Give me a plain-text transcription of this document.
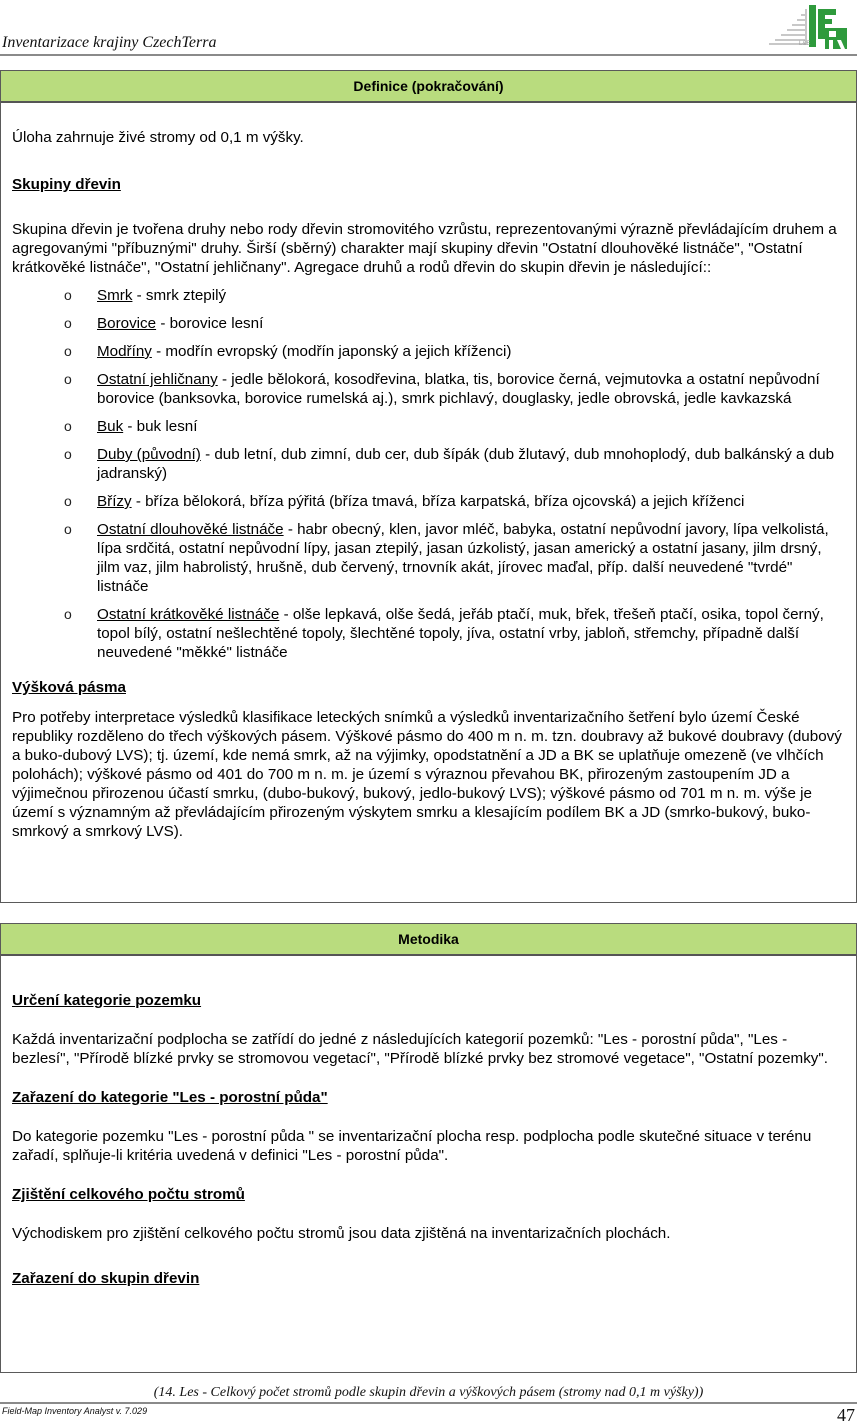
Inventarizace krajiny CzechTerra	L&E
Definice (pokračování)

Úloha zahrnuje živé stromy od 0,1 m výšky.

Skupiny dřevin

Skupina dřevin je tvořena druhy nebo rody dřevin stromovitého vzrůstu, reprezentovanými výrazně převládajícím druhem a agregovanými "příbuznými" druhy. Širší (sběrný) charakter mají skupiny dřevin "Ostatní dlouhověké listnáče", "Ostatní krátkověké listnáče", "Ostatní jehličnany". Agregace druhů a rodů dřevin do skupin dřevin je následující::

o Smrk - smrk ztepilý
o Borovice - borovice lesní
o Modříny - modřín evropský (modřín japonský a jejich kříženci)
o Ostatní jehličnany - jedle bělokorá, kosodřevina, blatka, tis, borovice černá, vejmutovka a ostatní nepůvodní borovice (banksovka, borovice rumelská aj.), smrk pichlavý, douglasky, jedle obrovská, jedle kavkazská
o Buk - buk lesní
o Duby (původní) - dub letní, dub zimní, dub cer, dub šípák (dub žlutavý, dub mnohoplodý, dub balkánský a dub jadranský)
o Břízy - bříza bělokorá, bříza pýřitá (bříza tmavá, bříza karpatská, bříza ojcovská) a jejich kříženci
o Ostatní dlouhověké listnáče - habr obecný, klen, javor mléč, babyka, ostatní nepůvodní javory, lípa velkolistá, lípa srdčitá, ostatní nepůvodní lípy, jasan ztepilý, jasan úzkolistý, jasan americký a ostatní jasany, jilm drsný, jilm vaz, jilm habrolistý, hrušně, dub červený, trnovník akát, jírovec maďal, příp. další neuvedené "tvrdé" listnáče
o Ostatní krátkověké listnáče - olše lepkavá, olše šedá, jeřáb ptačí, muk, břek, třešeň ptačí, osika, topol černý, topol bílý, ostatní nešlechtěné topoly, šlechtěné topoly, jíva, ostatní vrby, jabloň, střemchy, případně další neuvedené "měkké" listnáče
Výšková pásma

Pro potřeby interpretace výsledků klasifikace leteckých snímků a výsledků inventarizačního šetření bylo území České republiky rozděleno do třech výškových pásem. Výškové pásmo do 400 m n. m. tzn. doubravy až bukové doubravy (dubový a buko-dubový LVS); tj. území, kde nemá smrk, až na výjimky, opodstatnění a JD a BK se uplatňuje omezeně (ve vlhčích polohách); výškové pásmo od 401 do 700 m n. m. je území s výraznou převahou BK, přirozeným zastoupením JD a výjimečnou přirozenou účastí smrku, (dubo-bukový, bukový, jedlo-bukový LVS); výškové pásmo od 701 m n. m. výše je území s významným až převládajícím přirozeným výskytem smrku a klesajícím podílem BK a JD (smrko-bukový, buko-smrkový a smrkový LVS).

Metodika
Určení kategorie pozemku

Každá inventarizační podplocha se zatřídí do jedné z následujících kategorií pozemků: "Les - porostní půda", "Les - bezlesí", "Přírodě blízké prvky se stromovou vegetací", "Přírodě blízké prvky bez stromové vegetace", "Ostatní pozemky".

Zařazení do kategorie "Les - porostní půda"

Do kategorie pozemku "Les - porostní půda " se inventarizační plocha resp. podplocha podle skutečné situace v terénu zařadí, splňuje-li kritéria uvedená v definici "Les - porostní půda".

Zjištění celkového počtu stromů

Východiskem pro zjištění celkového počtu stromů jsou data zjištěná na inventarizačních plochách.

Zařazení do skupin dřevin
(14. Les - Celkový počet stromů podle skupin dřevin a výškových pásem (stromy nad 0,1 m výšky))
Field-Map Inventory Analyst v. 7.029	47
